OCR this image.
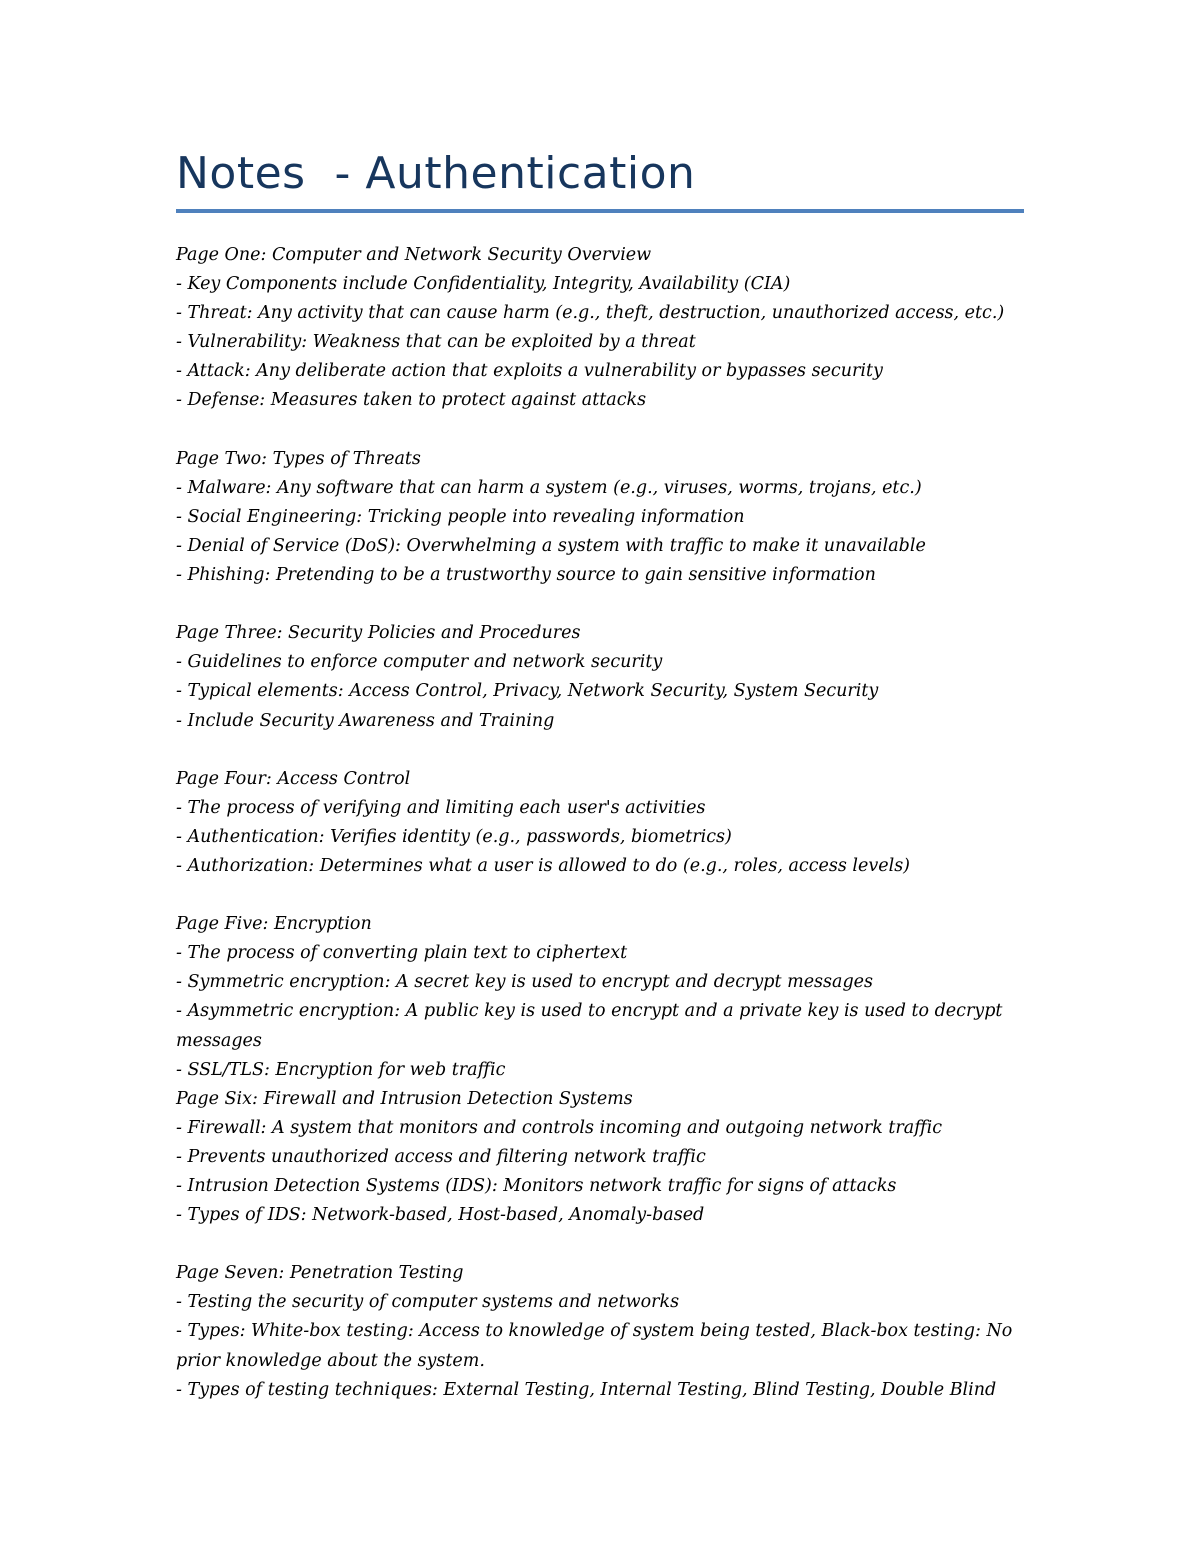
Notes  - Authentication
Page One: Computer and Network Security Overview
- Key Components include Confidentiality, Integrity, Availability (CIA)
- Threat: Any activity that can cause harm (e.g., theft, destruction, unauthorized access, etc.)
- Vulnerability: Weakness that can be exploited by a threat
- Attack: Any deliberate action that exploits a vulnerability or bypasses security
- Defense: Measures taken to protect against attacks
Page Two: Types of Threats
- Malware: Any software that can harm a system (e.g., viruses, worms, trojans, etc.)
- Social Engineering: Tricking people into revealing information
- Denial of Service (DoS): Overwhelming a system with traffic to make it unavailable
- Phishing: Pretending to be a trustworthy source to gain sensitive information
Page Three: Security Policies and Procedures
- Guidelines to enforce computer and network security
- Typical elements: Access Control, Privacy, Network Security, System Security
- Include Security Awareness and Training
Page Four: Access Control
- The process of verifying and limiting each user's activities
- Authentication: Verifies identity (e.g., passwords, biometrics)
- Authorization: Determines what a user is allowed to do (e.g., roles, access levels)
Page Five: Encryption
- The process of converting plain text to ciphertext
- Symmetric encryption: A secret key is used to encrypt and decrypt messages
- Asymmetric encryption: A public key is used to encrypt and a private key is used to decrypt
messages
- SSL/TLS: Encryption for web traffic
Page Six: Firewall and Intrusion Detection Systems
- Firewall: A system that monitors and controls incoming and outgoing network traffic
- Prevents unauthorized access and filtering network traffic
- Intrusion Detection Systems (IDS): Monitors network traffic for signs of attacks
- Types of IDS: Network-based, Host-based, Anomaly-based
Page Seven: Penetration Testing
- Testing the security of computer systems and networks
- Types: White-box testing: Access to knowledge of system being tested, Black-box testing: No
prior knowledge about the system.
- Types of testing techniques: External Testing, Internal Testing, Blind Testing, Double Blind
